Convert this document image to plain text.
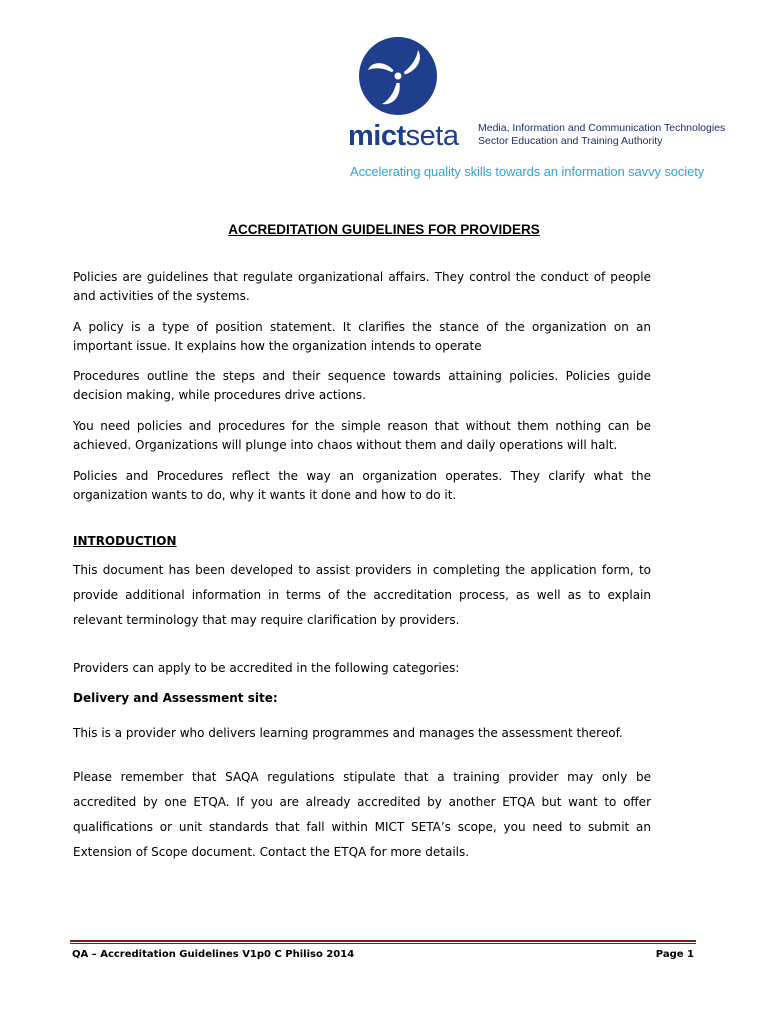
mictseta Media, Information and Communication Technologies
Sector Education and Training Authority
Accelerating quality skills towards an information savvy society
ACCREDITATION GUIDELINES FOR PROVIDERS
Policies are guidelines that regulate organizational affairs. They control the conduct of people and activities of the systems.
A policy is a type of position statement. It clarifies the stance of the organization on an important issue. It explains how the organization intends to operate
Procedures outline the steps and their sequence towards attaining policies. Policies guide decision making, while procedures drive actions.
You need policies and procedures for the simple reason that without them nothing can be achieved. Organizations will plunge into chaos without them and daily operations will halt.
Policies and Procedures reflect the way an organization operates. They clarify what the organization wants to do, why it wants it done and how to do it.
INTRODUCTION
This document has been developed to assist providers in completing the application form, to provide additional information in terms of the accreditation process, as well as to explain relevant terminology that may require clarification by providers.
Providers can apply to be accredited in the following categories:
Delivery and Assessment site:
This is a provider who delivers learning programmes and manages the assessment thereof.
Please remember that SAQA regulations stipulate that a training provider may only be accredited by one ETQA. If you are already accredited by another ETQA but want to offer qualifications or unit standards that fall within MICT SETA’s scope, you need to submit an Extension of Scope document. Contact the ETQA for more details.
QA – Accreditation Guidelines V1p0 C Philiso 2014	Page 1
